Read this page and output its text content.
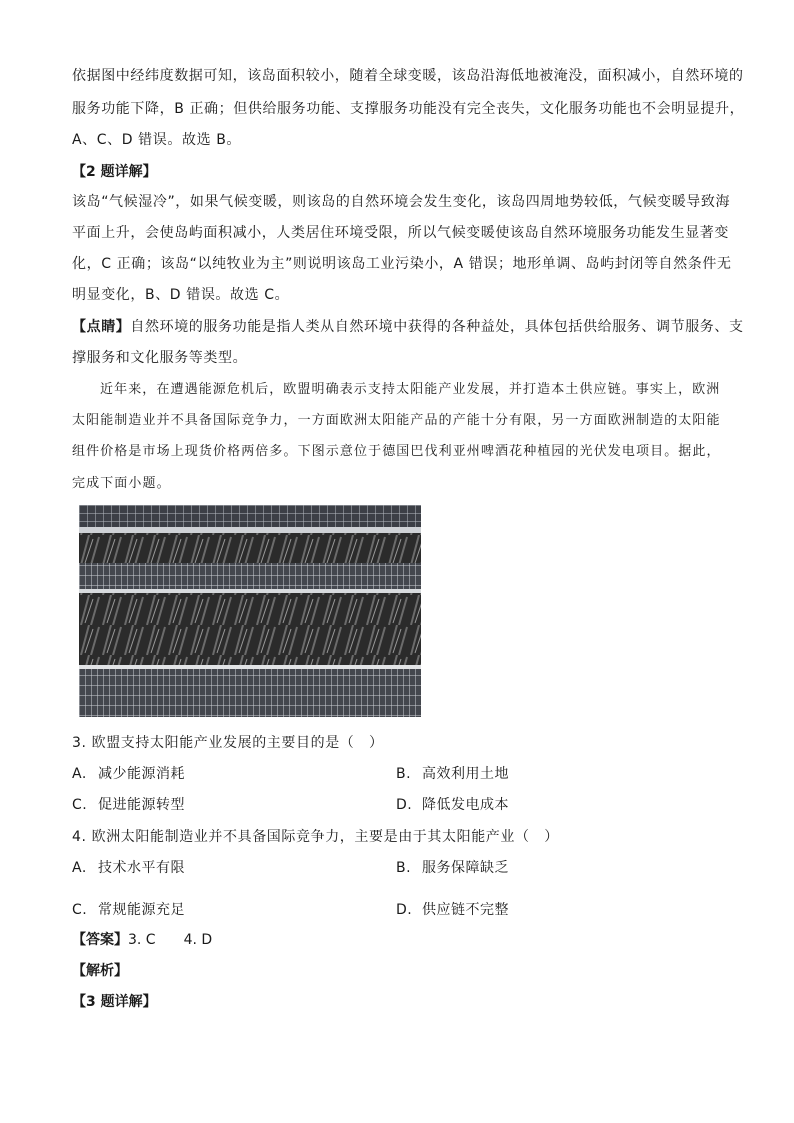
依据图中经纬度数据可知，该岛面积较小，随着全球变暖，该岛沿海低地被淹没，面积减小，自然环境的
服务功能下降，B 正确；但供给服务功能、支撑服务功能没有完全丧失，文化服务功能也不会明显提升，
A、C、D 错误。故选 B。
【2 题详解】
该岛“气候湿冷”，如果气候变暖，则该岛的自然环境会发生变化，该岛四周地势较低，气候变暖导致海
平面上升，会使岛屿面积减小，人类居住环境受限，所以气候变暖使该岛自然环境服务功能发生显著变
化，C 正确；该岛“以纯牧业为主”则说明该岛工业污染小，A 错误；地形单调、岛屿封闭等自然条件无
明显变化，B、D 错误。故选 C。
【点睛】自然环境的服务功能是指人类从自然环境中获得的各种益处，具体包括供给服务、调节服务、支
撑服务和文化服务等类型。
近年来，在遭遇能源危机后，欧盟明确表示支持太阳能产业发展，并打造本土供应链。事实上，欧洲
太阳能制造业并不具备国际竞争力，一方面欧洲太阳能产品的产能十分有限，另一方面欧洲制造的太阳能
组件价格是市场上现货价格两倍多。下图示意位于德国巴伐利亚州啤酒花种植园的光伏发电项目。据此，
完成下面小题。
3. 欧盟支持太阳能产业发展的主要目的是（　）
A. 减少能源消耗	B. 高效利用土地
C. 促进能源转型	D. 降低发电成本
4. 欧洲太阳能制造业并不具备国际竞争力，主要是由于其太阳能产业（　）
A. 技术水平有限	B. 服务保障缺乏
C. 常规能源充足	D. 供应链不完整
【答案】3. C　　4. D
【解析】
【3 题详解】
